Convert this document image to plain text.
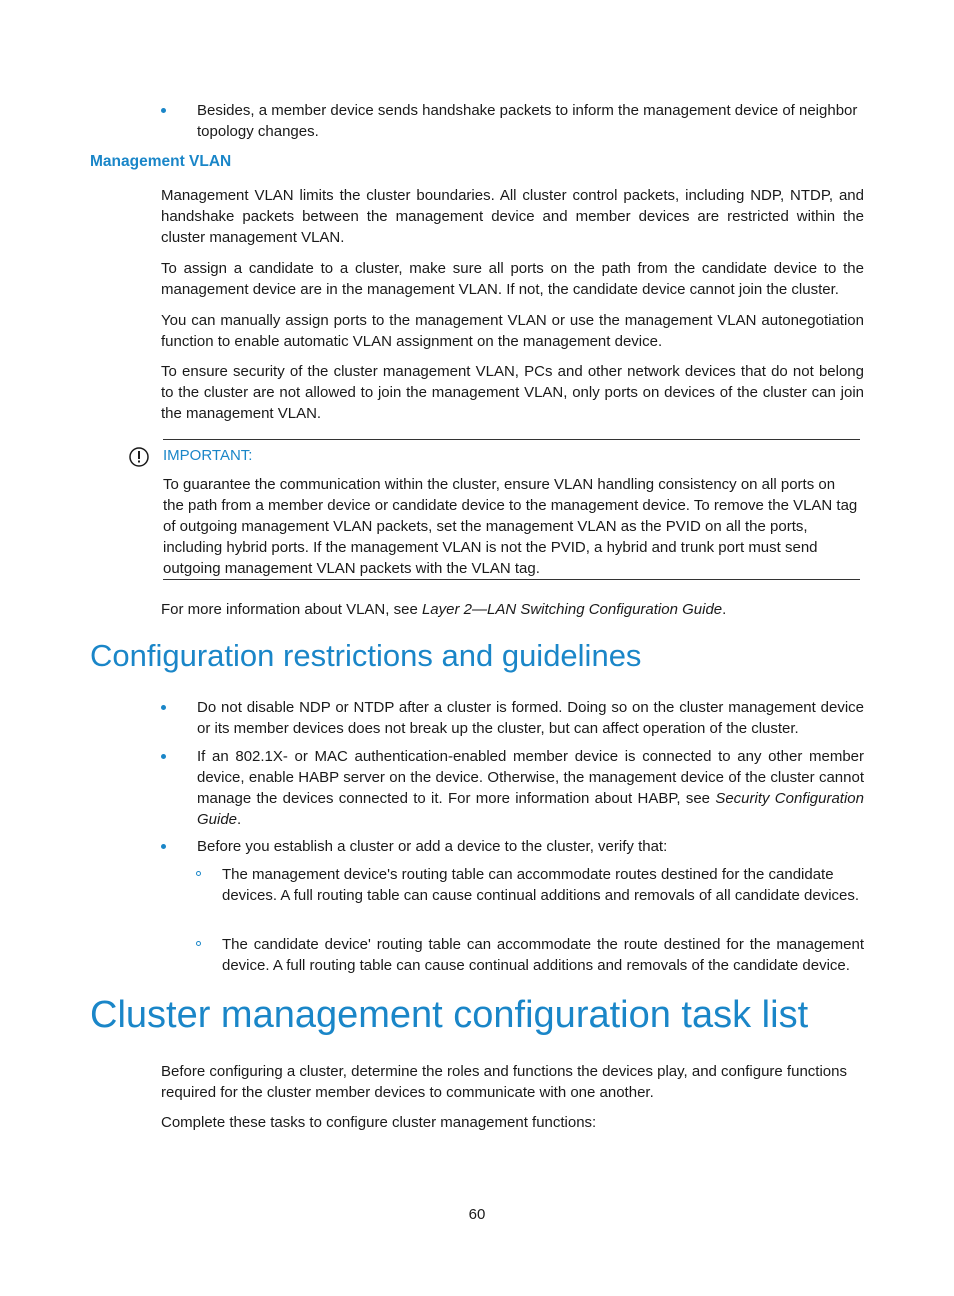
Besides, a member device sends handshake packets to inform the management device of neighbor topology changes.
Management VLAN
Management VLAN limits the cluster boundaries. All cluster control packets, including NDP, NTDP, and handshake packets between the management device and member devices are restricted within the cluster management VLAN.
To assign a candidate to a cluster, make sure all ports on the path from the candidate device to the management device are in the management VLAN. If not, the candidate device cannot join the cluster.
You can manually assign ports to the management VLAN or use the management VLAN autonegotiation function to enable automatic VLAN assignment on the management device.
To ensure security of the cluster management VLAN, PCs and other network devices that do not belong to the cluster are not allowed to join the management VLAN, only ports on devices of the cluster can join the management VLAN.
IMPORTANT:
To guarantee the communication within the cluster, ensure VLAN handling consistency on all ports on the path from a member device or candidate device to the management device. To remove the VLAN tag of outgoing management VLAN packets, set the management VLAN as the PVID on all the ports, including hybrid ports. If the management VLAN is not the PVID, a hybrid and trunk port must send outgoing management VLAN packets with the VLAN tag.
For more information about VLAN, see Layer 2—LAN Switching Configuration Guide.
Configuration restrictions and guidelines
Do not disable NDP or NTDP after a cluster is formed. Doing so on the cluster management device or its member devices does not break up the cluster, but can affect operation of the cluster.
If an 802.1X- or MAC authentication-enabled member device is connected to any other member device, enable HABP server on the device. Otherwise, the management device of the cluster cannot manage the devices connected to it. For more information about HABP, see Security Configuration Guide.
Before you establish a cluster or add a device to the cluster, verify that:
The management device's routing table can accommodate routes destined for the candidate devices. A full routing table can cause continual additions and removals of all candidate devices.
The candidate device' routing table can accommodate the route destined for the management device. A full routing table can cause continual additions and removals of the candidate device.
Cluster management configuration task list
Before configuring a cluster, determine the roles and functions the devices play, and configure functions required for the cluster member devices to communicate with one another.
Complete these tasks to configure cluster management functions:
60
